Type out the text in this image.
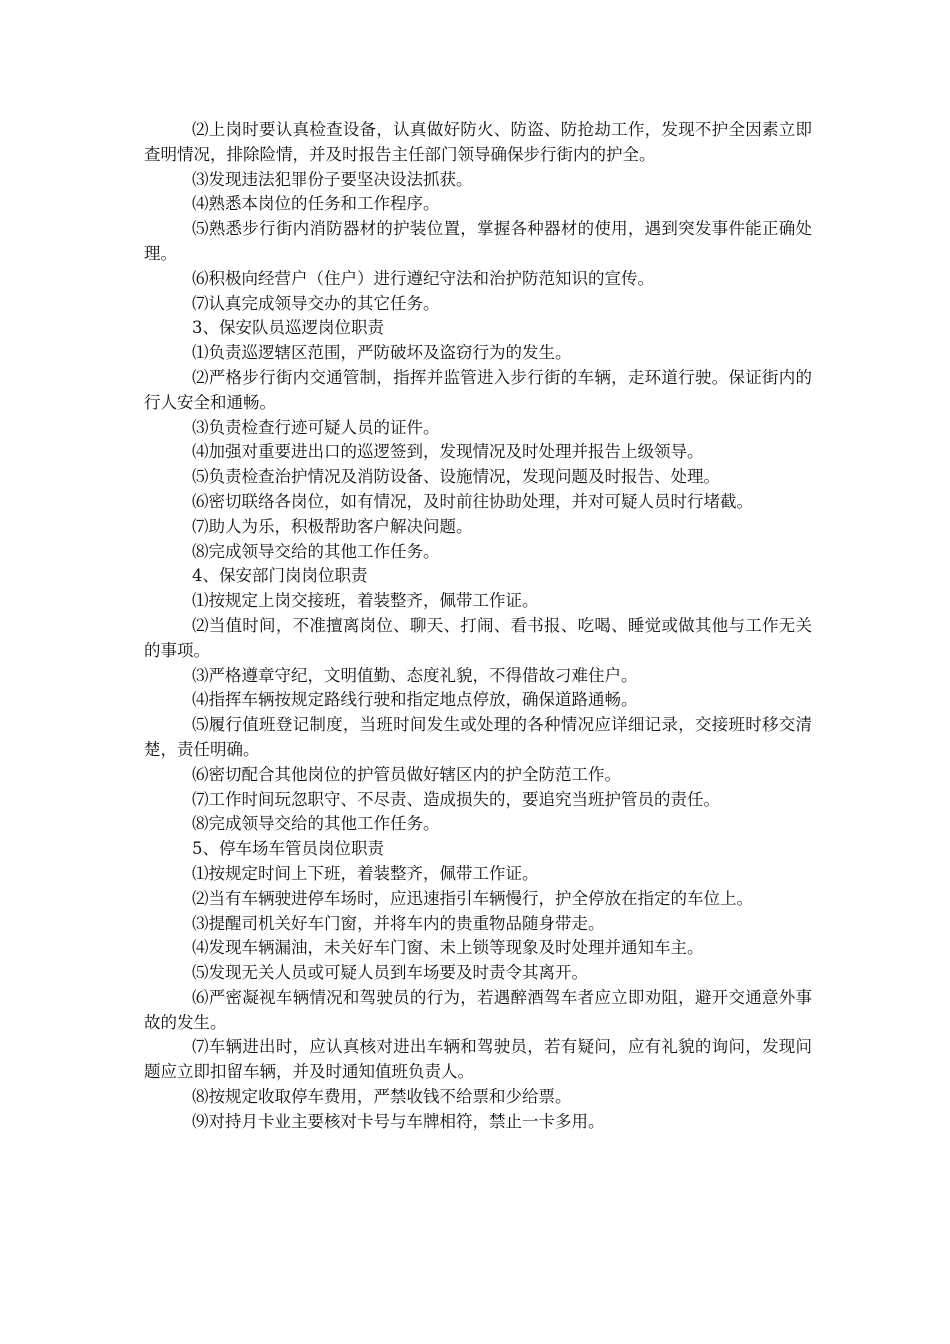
⑵上岗时要认真检查设备，认真做好防火、防盗、防抢劫工作，发现不护全因素立即查明情况，排除险情，并及时报告主任部门领导确保步行街内的护全。

⑶发现违法犯罪份子要坚决设法抓获。

⑷熟悉本岗位的任务和工作程序。

⑸熟悉步行街内消防器材的护装位置，掌握各种器材的使用，遇到突发事件能正确处理。

⑹积极向经营户（住户）进行遵纪守法和治护防范知识的宣传。

⑺认真完成领导交办的其它任务。

3、保安队员巡逻岗位职责

⑴负责巡逻辖区范围，严防破坏及盗窃行为的发生。

⑵严格步行街内交通管制，指挥并监管进入步行街的车辆，走环道行驶。保证街内的行人安全和通畅。

⑶负责检查行迹可疑人员的证件。

⑷加强对重要进出口的巡逻签到，发现情况及时处理并报告上级领导。

⑸负责检查治护情况及消防设备、设施情况，发现问题及时报告、处理。

⑹密切联络各岗位，如有情况，及时前往协助处理，并对可疑人员时行堵截。

⑺助人为乐，积极帮助客户解决问题。

⑻完成领导交给的其他工作任务。

4、保安部门岗岗位职责

⑴按规定上岗交接班，着装整齐，佩带工作证。

⑵当值时间，不准擅离岗位、聊天、打闹、看书报、吃喝、睡觉或做其他与工作无关的事项。

⑶严格遵章守纪，文明值勤、态度礼貌，不得借故刁难住户。

⑷指挥车辆按规定路线行驶和指定地点停放，确保道路通畅。

⑸履行值班登记制度，当班时间发生或处理的各种情况应详细记录，交接班时移交清楚，责任明确。

⑹密切配合其他岗位的护管员做好辖区内的护全防范工作。

⑺工作时间玩忽职守、不尽责、造成损失的，要追究当班护管员的责任。

⑻完成领导交给的其他工作任务。

5、停车场车管员岗位职责

⑴按规定时间上下班，着装整齐，佩带工作证。

⑵当有车辆驶进停车场时，应迅速指引车辆慢行，护全停放在指定的车位上。

⑶提醒司机关好车门窗，并将车内的贵重物品随身带走。

⑷发现车辆漏油，未关好车门窗、未上锁等现象及时处理并通知车主。

⑸发现无关人员或可疑人员到车场要及时责令其离开。

⑹严密凝视车辆情况和驾驶员的行为，若遇醉酒驾车者应立即劝阻，避开交通意外事故的发生。

⑺车辆进出时，应认真核对进出车辆和驾驶员，若有疑问，应有礼貌的询问，发现问题应立即扣留车辆，并及时通知值班负责人。

⑻按规定收取停车费用，严禁收钱不给票和少给票。

⑼对持月卡业主要核对卡号与车牌相符，禁止一卡多用。
